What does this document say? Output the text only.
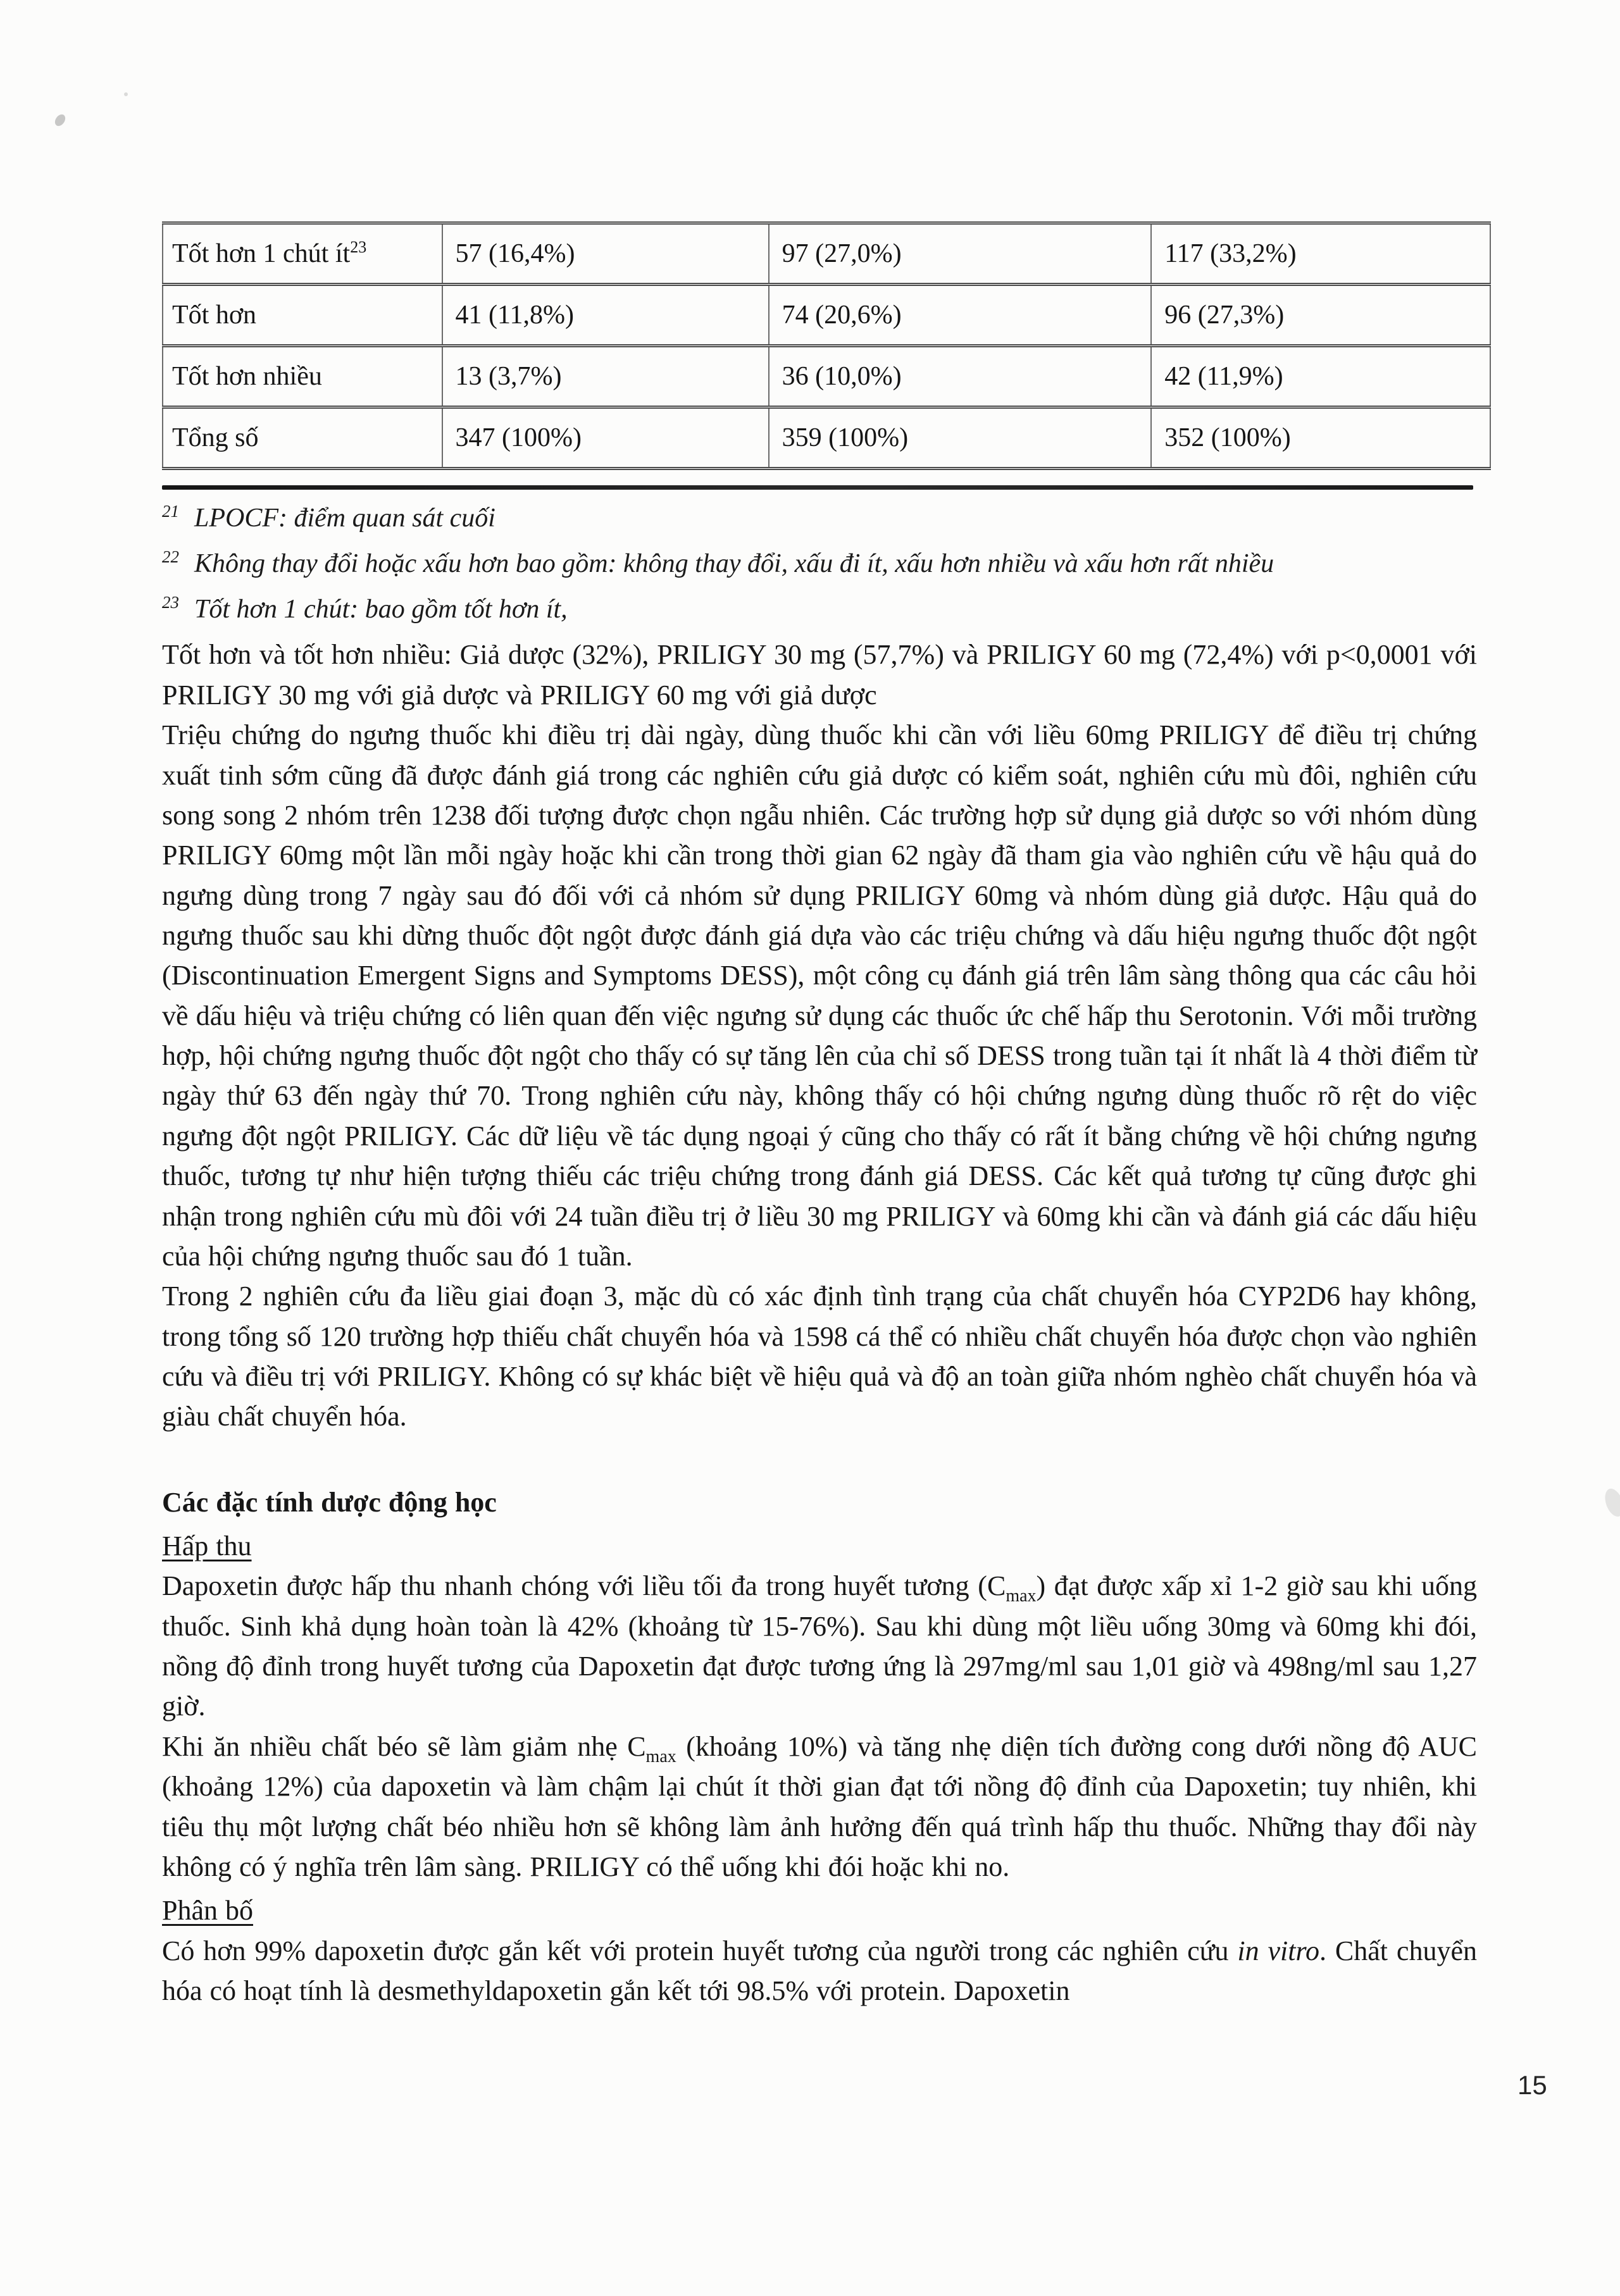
Tốt hơn 1 chút $ít^{23}$	57 (16,4%)	97 (27,0%)	117 (33,2%)
Tốt hơn	41 (11,8%)	74 (20,6%)	96 (27,3%)
Tốt hơn nhiều	13 (3,7%)	36 (10,0%)	42 (11,9%)
Tổng số	347 (100%)	359 (100%)	352 (100%)

$^{21}$ LPOCF: điểm quan sát cuối

$^{22}$ Không thay đổi hoặc xấu hơn bao gồm: không thay đổi, xấu đi ít, xấu hơn nhiều và xấu hơn rất nhiều

$^{23}$ Tốt hơn 1 chút: bao gồm tốt hơn ít,

Tốt hơn và tốt hơn nhiều: Giả dược (32%), PRILIGY 30 mg (57,7%) và PRILIGY 60 mg (72,4%) với p<0,0001 với PRILIGY 30 mg với giả dược và PRILIGY 60 mg với giả dược

Triệu chứng do ngưng thuốc khi điều trị dài ngày, dùng thuốc khi cần với liều 60mg PRILIGY để điều trị chứng xuất tinh sớm cũng đã được đánh giá trong các nghiên cứu giả dược có kiểm soát, nghiên cứu mù đôi, nghiên cứu song song 2 nhóm trên 1238 đối tượng được chọn ngẫu nhiên. Các trường hợp sử dụng giả dược so với nhóm dùng PRILIGY 60mg một lần mỗi ngày hoặc khi cần trong thời gian 62 ngày đã tham gia vào nghiên cứu về hậu quả do ngưng dùng trong 7 ngày sau đó đối với cả nhóm sử dụng PRILIGY 60mg và nhóm dùng giả dược. Hậu quả do ngưng thuốc sau khi dừng thuốc đột ngột được đánh giá dựa vào các triệu chứng và dấu hiệu ngưng thuốc đột ngột (Discontinuation Emergent Signs and Symptoms DESS), một công cụ đánh giá trên lâm sàng thông qua các câu hỏi về dấu hiệu và triệu chứng có liên quan đến việc ngưng sử dụng các thuốc ức chế hấp thu Serotonin. Với mỗi trường hợp, hội chứng ngưng thuốc đột ngột cho thấy có sự tăng lên của chỉ số DESS trong tuần tại ít nhất là 4 thời điểm từ ngày thứ 63 đến ngày thứ 70. Trong nghiên cứu này, không thấy có hội chứng ngưng dùng thuốc rõ rệt do việc ngưng đột ngột PRILIGY. Các dữ liệu về tác dụng ngoại ý cũng cho thấy có rất ít bằng chứng về hội chứng ngưng thuốc, tương tự như hiện tượng thiếu các triệu chứng trong đánh giá DESS. Các kết quả tương tự cũng được ghi nhận trong nghiên cứu mù đôi với 24 tuần điều trị ở liều 30 mg PRILIGY và 60mg khi cần và đánh giá các dấu hiệu của hội chứng ngưng thuốc sau đó 1 tuần.

Trong 2 nghiên cứu đa liều giai đoạn 3, mặc dù có xác định tình trạng của chất chuyển hóa CYP2D6 hay không, trong tổng số 120 trường hợp thiếu chất chuyển hóa và 1598 cá thể có nhiều chất chuyển hóa được chọn vào nghiên cứu và điều trị với PRILIGY. Không có sự khác biệt về hiệu quả và độ an toàn giữa nhóm nghèo chất chuyển hóa và giàu chất chuyển hóa.

Các đặc tính dược động học

Hấp thu

Dapoxetin được hấp thu nhanh chóng với liều tối đa trong huyết tương $(C_{max})$ đạt được xấp xỉ 1-2 giờ sau khi uống thuốc. Sinh khả dụng hoàn toàn là 42% (khoảng từ 15-76%). Sau khi dùng một liều uống 30mg và 60mg khi đói, nồng độ đỉnh trong huyết tương của Dapoxetin đạt được tương ứng là 297mg/ml sau 1,01 giờ và 498ng/ml sau 1,27 giờ.

Khi ăn nhiều chất béo sẽ làm giảm nhẹ $C_{max}$ (khoảng 10%) và tăng nhẹ diện tích đường cong dưới nồng độ AUC (khoảng 12%) của dapoxetin và làm chậm lại chút ít thời gian đạt tới nồng độ đỉnh của Dapoxetin; tuy nhiên, khi tiêu thụ một lượng chất béo nhiều hơn sẽ không làm ảnh hưởng đến quá trình hấp thu thuốc. Những thay đổi này không có ý nghĩa trên lâm sàng. PRILIGY có thể uống khi đói hoặc khi no.

Phân bố

Có hơn 99% dapoxetin được gắn kết với protein huyết tương của người trong các nghiên cứu in vitro. Chất chuyển hóa có hoạt tính là desmethyldapoxetin gắn kết tới 98.5% với protein. Dapoxetin

15
